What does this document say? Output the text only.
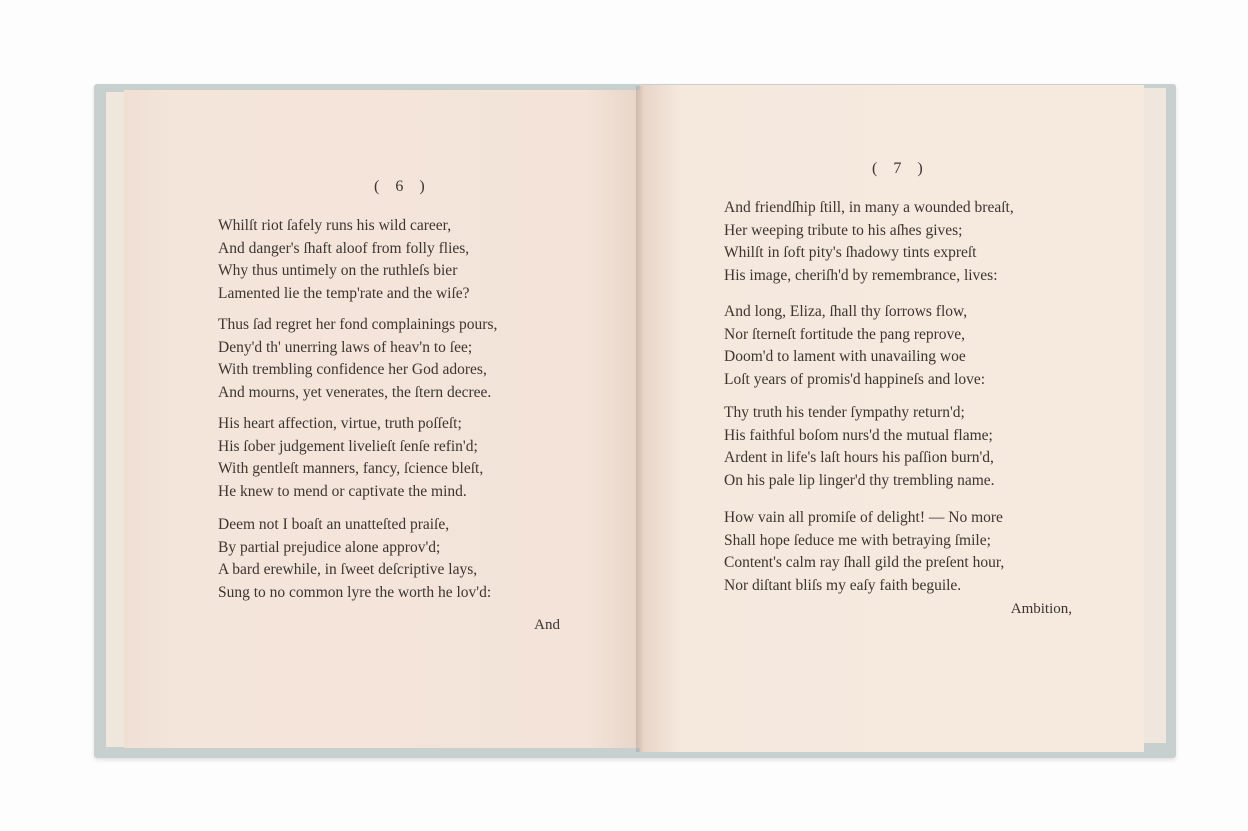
( 6 )
Whilſt riot ſafely runs his wild career,
And danger's ſhaft aloof from folly flies,
Why thus untimely on the ruthleſs bier
Lamented lie the temp'rate and the wiſe?
Thus ſad regret her fond complainings pours,
Deny'd th' unerring laws of heav'n to ſee;
With trembling confidence her God adores,
And mourns, yet venerates, the ſtern decree.
His heart affection, virtue, truth poſſeſt;
His ſober judgement livelieſt ſenſe refin'd;
With gentleſt manners, fancy, ſcience bleſt,
He knew to mend or captivate the mind.
Deem not I boaſt an unatteſted praiſe,
By partial prejudice alone approv'd;
A bard erewhile, in ſweet deſcriptive lays,
Sung to no common lyre the worth he lov'd:
And
( 7 )
And friendſhip ſtill, in many a wounded breaſt,
Her weeping tribute to his aſhes gives;
Whilſt in ſoft pity's ſhadowy tints expreſt
His image, cheriſh'd by remembrance, lives:
And long, Eliza, ſhall thy ſorrows flow,
Nor ſterneſt fortitude the pang reprove,
Doom'd to lament with unavailing woe
Loſt years of promis'd happineſs and love:
Thy truth his tender ſympathy return'd;
His faithful boſom nurs'd the mutual flame;
Ardent in life's laſt hours his paſſion burn'd,
On his pale lip linger'd thy trembling name.
How vain all promiſe of delight! — No more
Shall hope ſeduce me with betraying ſmile;
Content's calm ray ſhall gild the preſent hour,
Nor diſtant bliſs my eaſy faith beguile.
Ambition,
